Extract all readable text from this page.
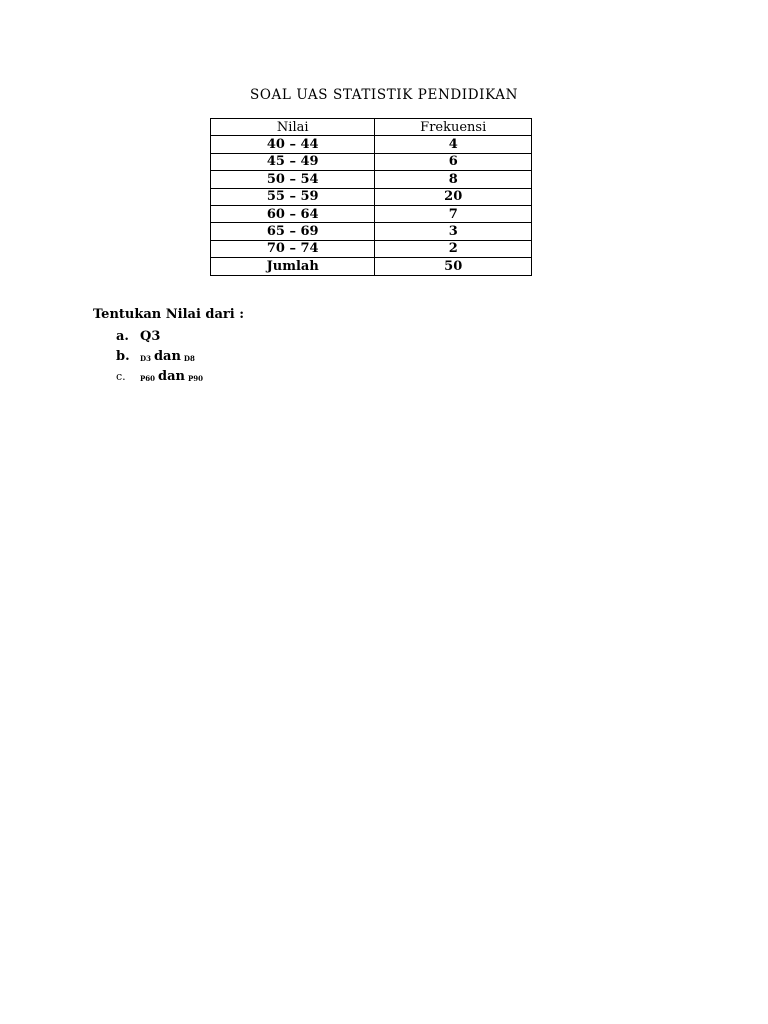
SOAL UAS STATISTIK PENDIDIKAN
Nilai	Frekuensi
40 – 44	4
45 – 49	6
50 – 54	8
55 – 59	20
60 – 64	7
65 – 69	3
70 – 74	2
Jumlah	50
Tentukan Nilai dari :
a. Q3
b. D3 dan D8
c. P60 dan P90
